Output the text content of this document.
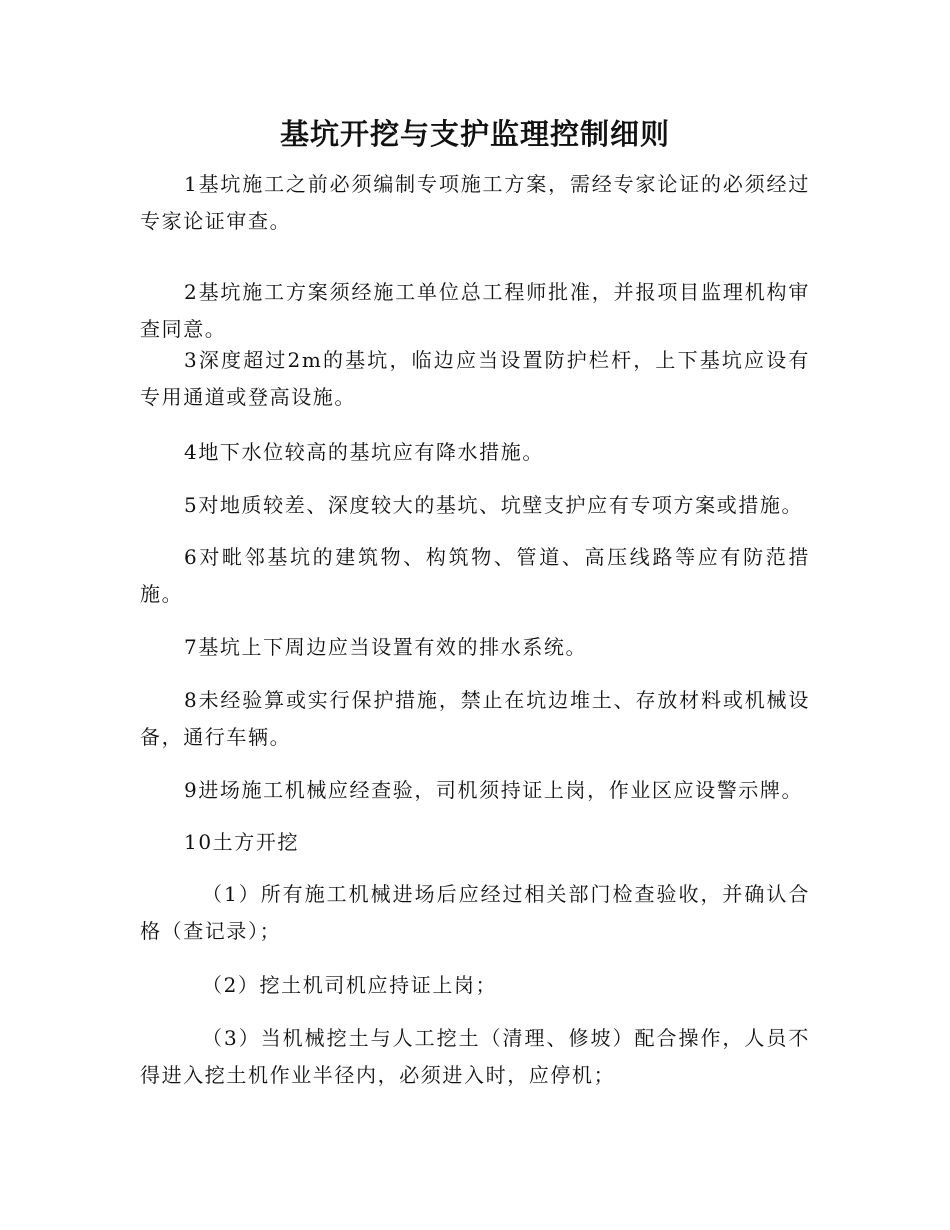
基坑开挖与支护监理控制细则

1基坑施工之前必须编制专项施工方案，需经专家论证的必须经过专家论证审查。

2基坑施工方案须经施工单位总工程师批准，并报项目监理机构审查同意。

3深度超过2m的基坑，临边应当设置防护栏杆，上下基坑应设有专用通道或登高设施。

4地下水位较高的基坑应有降水措施。

5对地质较差、深度较大的基坑、坑壁支护应有专项方案或措施。

6对毗邻基坑的建筑物、构筑物、管道、高压线路等应有防范措施。

7基坑上下周边应当设置有效的排水系统。

8未经验算或实行保护措施，禁止在坑边堆土、存放材料或机械设备，通行车辆。

9进场施工机械应经查验，司机须持证上岗，作业区应设警示牌。

10土方开挖

（1）所有施工机械进场后应经过相关部门检查验收，并确认合格（查记录）；

（2）挖土机司机应持证上岗；

（3）当机械挖土与人工挖土（清理、修坡）配合操作，人员不得进入挖土机作业半径内，必须进入时，应停机；
